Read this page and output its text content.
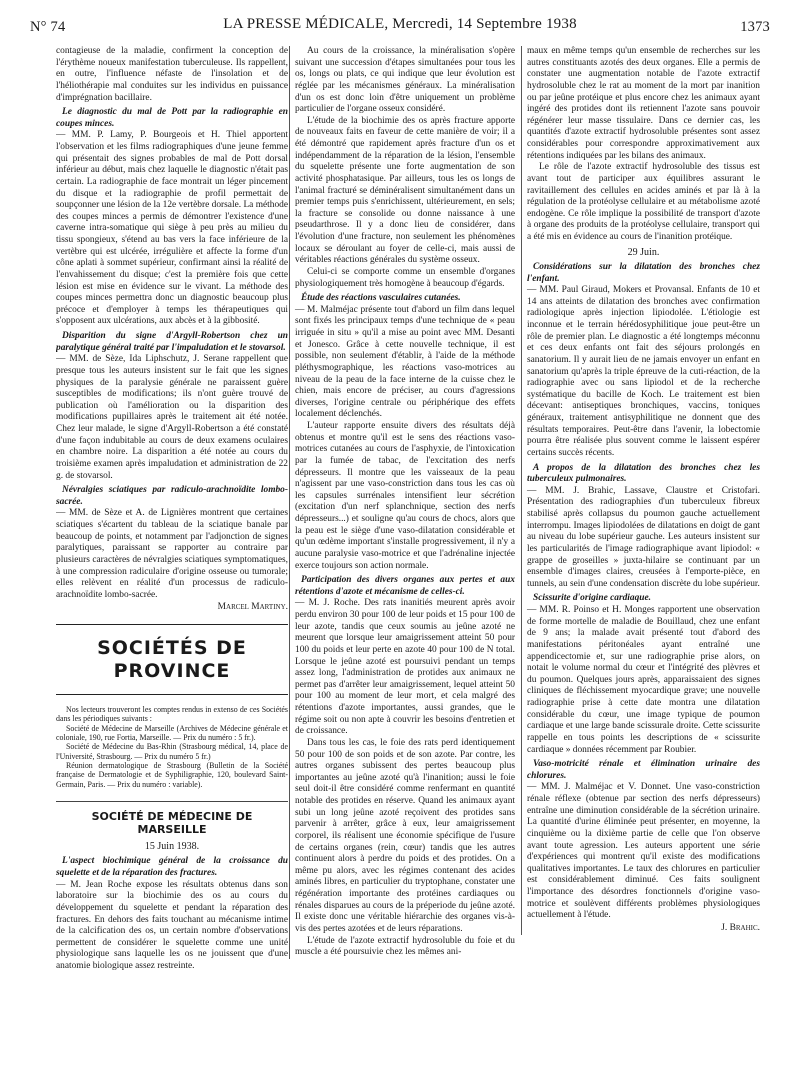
N° 74	LA PRESSE MÉDICALE, Mercredi, 14 Septembre 1938	1373

contagieuse de la maladie, confirment la conception de l'érythème noueux manifestation tuberculeuse. Ils rappellent, en outre, l'influence néfaste de l'insolation et de l'héliothérapie mal conduites sur les individus en puissance d'imprégnation bacillaire.

Le diagnostic du mal de Pott par la radiographie en coupes minces.

— MM. P. Lamy, P. Bourgeois et H. Thiel apportent l'observation et les films radiographiques d'une jeune femme qui présentait des signes probables de mal de Pott dorsal inférieur au début, mais chez laquelle le diagnostic n'était pas certain. La radiographie de face montrait un léger pincement du disque et la radiographie de profil permettait de soupçonner une lésion de la 12e vertèbre dorsale. La méthode des coupes minces a permis de démontrer l'existence d'une caverne intra-somatique qui siège à peu près au milieu du tissu spongieux, s'étend au bas vers la face inférieure de la vertèbre qui est ulcérée, irrégulière et affecte la forme d'un cône aplati à sommet supérieur, confirmant ainsi la réalité de l'envahissement du disque; c'est la première fois que cette lésion est mise en évidence sur le vivant. La méthode des coupes minces permettra donc un diagnostic beaucoup plus précoce et d'employer à temps les thérapeutiques qui s'opposent aux ulcérations, aux abcès et à la gibbosité.

Disparition du signe d'Argyll-Robertson chez un paralytique général traité par l'impaludation et le stovarsol.

— MM. de Sèze, Ida Liphschutz, J. Serane rappellent que presque tous les auteurs insistent sur le fait que les signes physiques de la paralysie générale ne paraissent guère susceptibles de modifications; ils n'ont guère trouvé de publication où l'amélioration ou la disparition des modifications pupillaires après le traitement ait été notée. Chez leur malade, le signe d'Argyll-Robertson a été constaté d'une façon indubitable au cours de deux examens oculaires en chambre noire. La disparition a été notée au cours du troisième examen après impaludation et administration de 22 g. de stovarsol.

Névralgies sciatiques par radiculo-arachnoïdite lombo-sacrée.

— MM. de Sèze et A. de Lignières montrent que certaines sciatiques s'écartent du tableau de la sciatique banale par beaucoup de points, et notamment par l'adjonction de signes paralytiques, paraissant se rapporter au contraire par plusieurs caractères de névralgies sciatiques symptomatiques, à une compression radiculaire d'origine osseuse ou tumorale; elles relèvent en réalité d'un processus de radiculo-arachnoïdite lombo-sacrée.

Marcel Martiny.
SOCIÉTÉS DE PROVINCE

Nos lecteurs trouveront les comptes rendus in extenso de ces Sociétés dans les périodiques suivants :

Société de Médecine de Marseille (Archives de Médecine générale et coloniale, 190, rue Fortia, Marseille. — Prix du numéro : 5 fr.).

Société de Médecine du Bas-Rhin (Strasbourg médical, 14, place de l'Université, Strasbourg. — Prix du numéro 5 fr.)

Réunion dermatologique de Strasbourg (Bulletin de la Société française de Dermatologie et de Syphiligraphie, 120, boulevard Saint-Germain, Paris. — Prix du numéro : variable).

SOCIÉTÉ DE MÉDECINE DE MARSEILLE
15 Juin 1938.

L'aspect biochimique général de la croissance du squelette et de la réparation des fractures.

— M. Jean Roche expose les résultats obtenus dans son laboratoire sur la biochimie des os au cours du développement du squelette et pendant la réparation des fractures. En dehors des faits touchant au mécanisme intime de la calcification des os, un certain nombre d'observations permettent de considérer le squelette comme une unité physiologique sans laquelle les os ne jouissent que d'une anatomie biologique assez restreinte.

Au cours de la croissance, la minéralisation s'opère suivant une succession d'étapes simultanées pour tous les os, longs ou plats, ce qui indique que leur évolution est réglée par les mécanismes généraux. La minéralisation d'un os est donc loin d'être uniquement un problème particulier de l'organe osseux considéré.

L'étude de la biochimie des os après fracture apporte de nouveaux faits en faveur de cette manière de voir; il a été démontré que rapidement après fracture d'un os et indépendamment de la réparation de la lésion, l'ensemble du squelette présente une forte augmentation de son activité phosphatasique. Par ailleurs, tous les os longs de l'animal fracturé se déminéralisent simultanément dans un premier temps puis s'enrichissent, ultérieurement, en sels; la fracture se consolide ou donne naissance à une pseudarthrose. Il y a donc lieu de considérer, dans l'évolution d'une fracture, non seulement les phénomènes locaux se déroulant au foyer de celle-ci, mais aussi de véritables réactions générales du système osseux.

Celui-ci se comporte comme un ensemble d'organes physiologiquement très homogène à beaucoup d'égards.

Étude des réactions vasculaires cutanées.

— M. Malméjac présente tout d'abord un film dans lequel sont fixés les principaux temps d'une technique de « peau irriguée in situ » qu'il a mise au point avec MM. Desanti et Jonesco. Grâce à cette nouvelle technique, il est possible, non seulement d'établir, à l'aide de la méthode pléthysmographique, les réactions vaso-motrices au niveau de la peau de la face interne de la cuisse chez le chien, mais encore de préciser, au cours d'agressions diverses, l'origine centrale ou périphérique des effets localement déclenchés.

L'auteur rapporte ensuite divers des résultats déjà obtenus et montre qu'il est le sens des réactions vaso-motrices cutanées au cours de l'asphyxie, de l'intoxication par la fumée de tabac, de l'excitation des nerfs dépresseurs. Il montre que les vaisseaux de la peau n'agissent par une vaso-constriction dans tous les cas où les capsules surrénales intensifient leur sécrétion (excitation d'un nerf splanchnique, section des nerfs dépresseurs...) et souligne qu'au cours de chocs, alors que la peau est le siège d'une vaso-dilatation considérable et qu'un œdème important s'installe progressivement, il n'y a aucune paralysie vaso-motrice et que l'adrénaline injectée exerce toujours son action normale.

Participation des divers organes aux pertes et aux rétentions d'azote et mécanisme de celles-ci.

— M. J. Roche. Des rats inanitiés meurent après avoir perdu environ 30 pour 100 de leur poids et 15 pour 100 de leur azote, tandis que ceux soumis au jeûne azoté ne meurent que lorsque leur amaigrissement atteint 50 pour 100 du poids et leur perte en azote 40 pour 100 de N total. Lorsque le jeûne azoté est poursuivi pendant un temps assez long, l'administration de protides aux animaux ne permet pas d'arrêter leur amaigrissement, lequel atteint 50 pour 100 au moment de leur mort, et cela malgré des rétentions d'azote importantes, aussi grandes, que le régime soit ou non apte à couvrir les besoins d'entretien et de croissance.

Dans tous les cas, le foie des rats perd identiquement 50 pour 100 de son poids et de son azote. Par contre, les autres organes subissent des pertes beaucoup plus importantes au jeûne azoté qu'à l'inanition; aussi le foie seul doit-il être considéré comme renfermant en quantité notable des protides en réserve. Quand les animaux ayant subi un long jeûne azoté reçoivent des protides sans parvenir à arrêter, grâce à eux, leur amaigrissement corporel, ils réalisent une économie spécifique de l'usure de certains organes (rein, cœur) tandis que les autres continuent alors à perdre du poids et des protides. On a même pu alors, avec les régimes contenant des acides aminés libres, en particulier du tryptophane, constater une régénération importante des protéines cardiaques ou rénales disparues au cours de la préperiode du jeûne azoté. Il existe donc une véritable hiérarchie des organes vis-à-vis des pertes azotées et de leurs réparations.

L'étude de l'azote extractif hydrosoluble du foie et du muscle a été poursuivie chez les mêmes ani-

maux en même temps qu'un ensemble de recherches sur les autres constituants azotés des deux organes. Elle a permis de constater une augmentation notable de l'azote extractif hydrosoluble chez le rat au moment de la mort par inanition ou par jeûne protéique et plus encore chez les animaux ayant ingéré des protides dont ils retiennent l'azote sans pouvoir régénérer leur masse tissulaire. Dans ce dernier cas, les quantités d'azote extractif hydrosoluble présentes sont assez considérables pour correspondre approximativement aux rétentions indiquées par les bilans des animaux.

Le rôle de l'azote extractif hydrosoluble des tissus est avant tout de participer aux équilibres assurant le ravitaillement des cellules en acides aminés et par là à la régulation de la protéolyse cellulaire et au métabolisme azoté endogène. Ce rôle implique la possibilité de transport d'azote à organe des produits de la protéolyse cellulaire, transport qui a été mis en évidence au cours de l'inanition protéique.

29 Juin.

Considérations sur la dilatation des bronches chez l'enfant.

— MM. Paul Giraud, Mokers et Provansal. Enfants de 10 et 14 ans atteints de dilatation des bronches avec confirmation radiologique après injection lipiodolée. L'étiologie est inconnue et le terrain hérédosyphilitique joue peut-être un rôle de premier plan. Le diagnostic a été longtemps méconnu et ces deux enfants ont fait des séjours prolongés en sanatorium. Il y aurait lieu de ne jamais envoyer un enfant en sanatorium qu'après la triple épreuve de la cuti-réaction, de la radiographie avec ou sans lipiodol et de la recherche systématique du bacille de Koch. Le traitement est bien décevant: antiseptiques bronchiques, vaccins, toniques généraux, traitement antisyphilitique ne donnent que des résultats temporaires. Peut-être dans l'avenir, la lobectomie pourra être réalisée plus souvent comme le laissent espérer certains succès récents.

A propos de la dilatation des bronches chez les tuberculeux pulmonaires.

— MM. J. Brahic, Lassave, Claustre et Cristofari. Présentation des radiographies d'un tuberculeux fibreux stabilisé après collapsus du poumon gauche actuellement interrompu. Images lipiodolées de dilatations en doigt de gant au niveau du lobe supérieur gauche. Les auteurs insistent sur les particularités de l'image radiographique avant lipiodol: « grappe de groseilles » juxta-hilaire se continuant par un ensemble d'images claires, creusées à l'emporte-pièce, en tunnels, au sein d'une condensation discrète du lobe supérieur.

Scissurite d'origine cardiaque.

— MM. R. Poinso et H. Monges rapportent une observation de forme mortelle de maladie de Bouillaud, chez une enfant de 9 ans; la malade avait présenté tout d'abord des manifestations péritonéales ayant entraîné une appendicectomie et, sur une radiographie prise alors, on notait le volume normal du cœur et l'intégrité des plèvres et du poumon. Quelques jours après, apparaissaient des signes cliniques de fléchissement myocardique grave; une nouvelle radiographie prise à cette date montra une dilatation considérable du cœur, une image typique de poumon cardiaque et une large bande scissurale droite. Cette scissurite rappelle en tous points les descriptions de « scissurite cardiaque » données récemment par Roubier.

Vaso-motricité rénale et élimination urinaire des chlorures.

— MM. J. Malméjac et V. Donnet. Une vaso-constriction rénale réflexe (obtenue par section des nerfs dépresseurs) entraîne une diminution considérable de la sécrétion urinaire. La quantité d'urine éliminée peut présenter, en moyenne, la cinquième ou la dixième partie de celle que l'on observe avant toute agression. Les auteurs apportent une série d'expériences qui montrent qu'il existe des modifications qualitatives importantes. Le taux des chlorures en particulier est considérablement diminué. Ces faits soulignent l'importance des désordres fonctionnels d'origine vaso-motrice et soulèvent différents problèmes physiologiques actuellement à l'étude.

J. Brahic.
